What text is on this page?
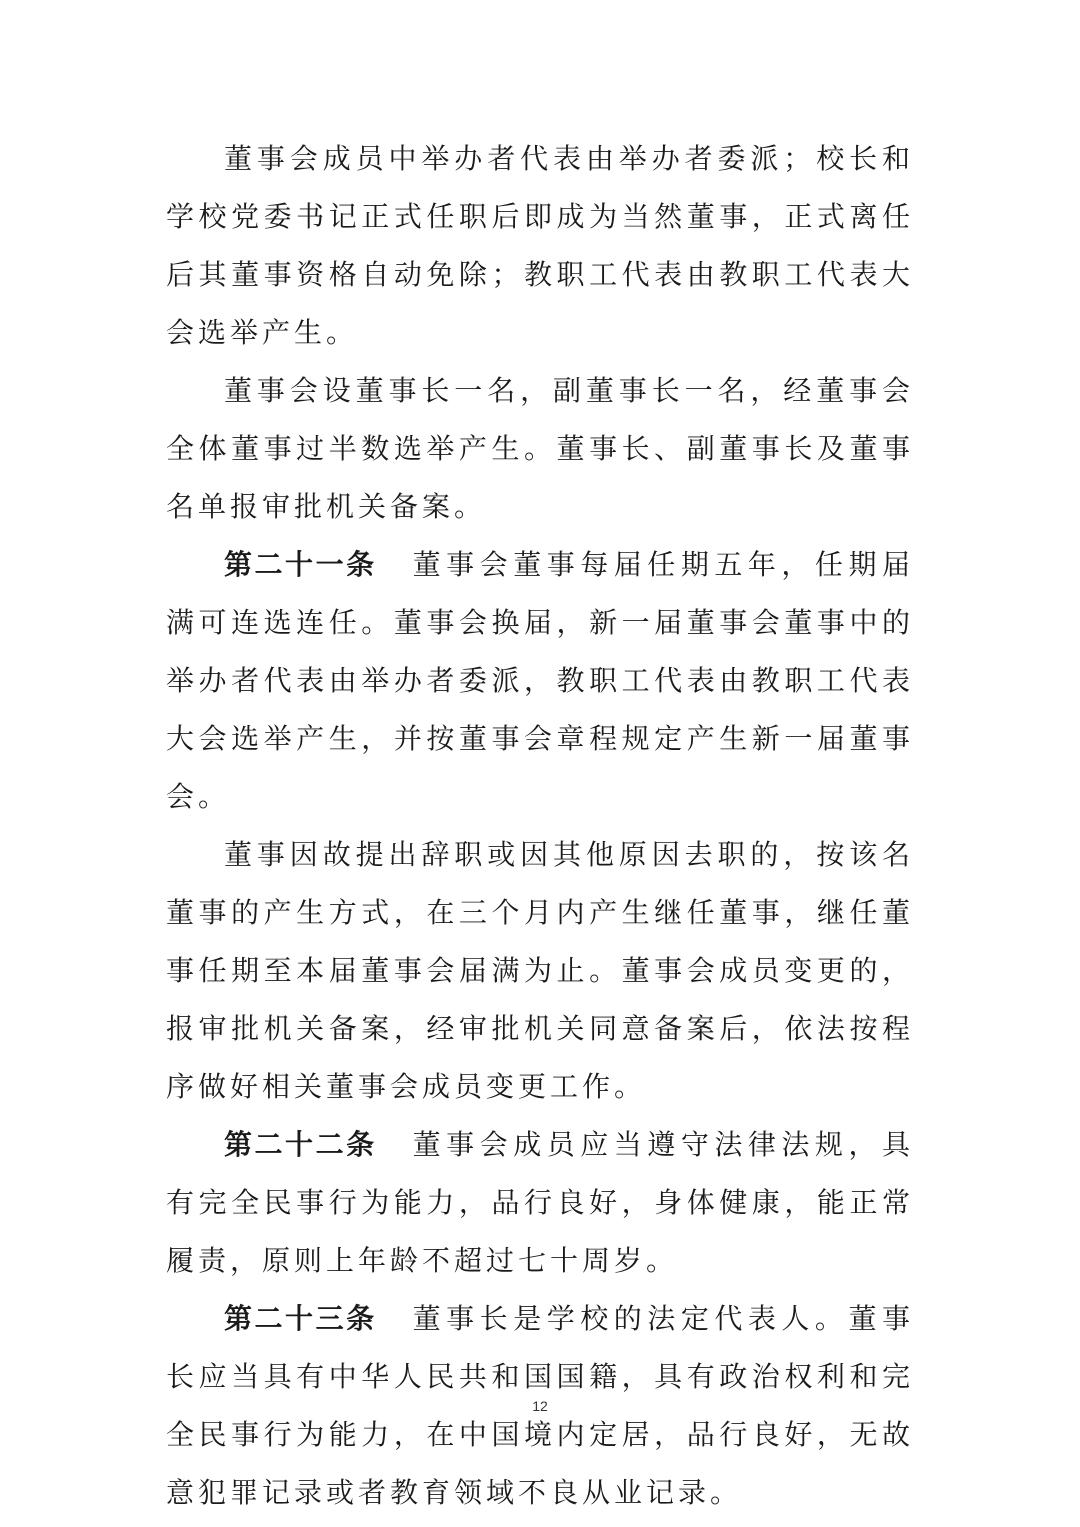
董事会成员中举办者代表由举办者委派；校长和学校党委书记正式任职后即成为当然董事，正式离任后其董事资格自动免除；教职工代表由教职工代表大会选举产生。

董事会设董事长一名，副董事长一名，经董事会全体董事过半数选举产生。董事长、副董事长及董事名单报审批机关备案。

第二十一条 董事会董事每届任期五年，任期届满可连选连任。董事会换届，新一届董事会董事中的举办者代表由举办者委派，教职工代表由教职工代表大会选举产生，并按董事会章程规定产生新一届董事会。

董事因故提出辞职或因其他原因去职的，按该名董事的产生方式，在三个月内产生继任董事，继任董事任期至本届董事会届满为止。董事会成员变更的，报审批机关备案，经审批机关同意备案后，依法按程序做好相关董事会成员变更工作。

第二十二条 董事会成员应当遵守法律法规，具有完全民事行为能力，品行良好，身体健康，能正常履责，原则上年龄不超过七十周岁。

第二十三条 董事长是学校的法定代表人。董事长应当具有中华人民共和国国籍，具有政治权利和完全民事行为能力，在中国境内定居，品行良好，无故意犯罪记录或者教育领域不良从业记录。

12
